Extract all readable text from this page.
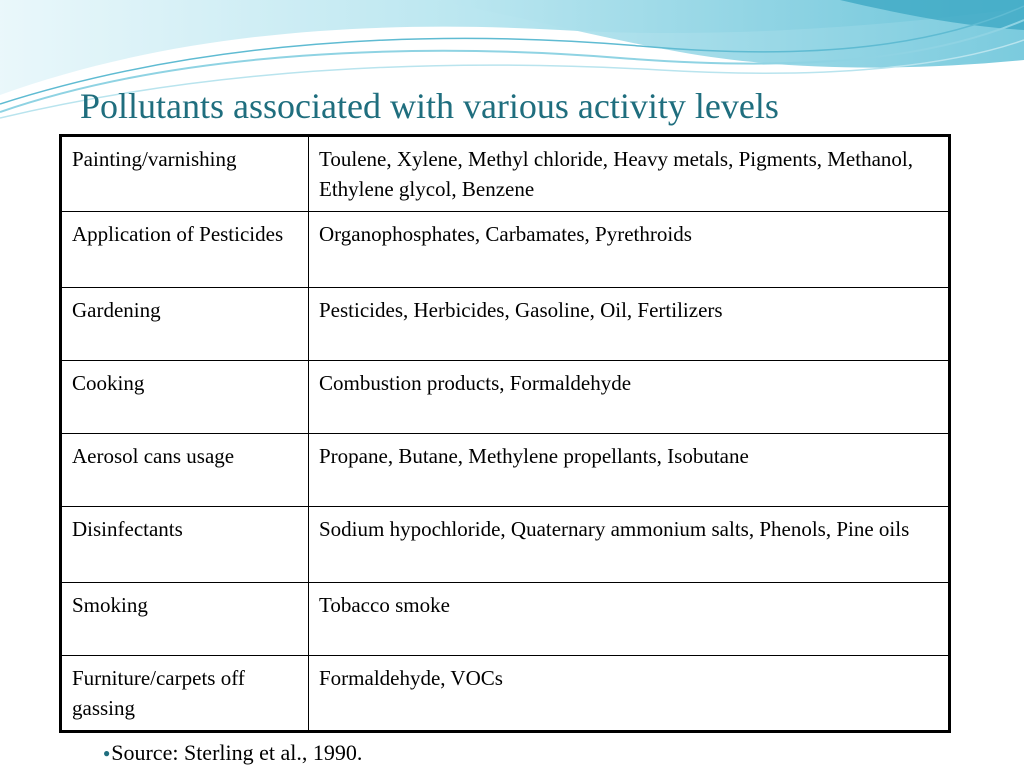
Pollutants associated with various activity levels
Painting/varnishing	Toulene, Xylene, Methyl chloride, Heavy metals, Pigments, Methanol, Ethylene glycol, Benzene
Application of Pesticides	Organophosphates, Carbamates, Pyrethroids
Gardening	Pesticides, Herbicides, Gasoline, Oil, Fertilizers
Cooking	Combustion products, Formaldehyde
Aerosol cans usage	Propane, Butane, Methylene propellants, Isobutane
Disinfectants	Sodium hypochloride, Quaternary ammonium salts, Phenols, Pine oils
Smoking	Tobacco smoke
Furniture/carpets off gassing	Formaldehyde, VOCs
●Source: Sterling et al., 1990.
